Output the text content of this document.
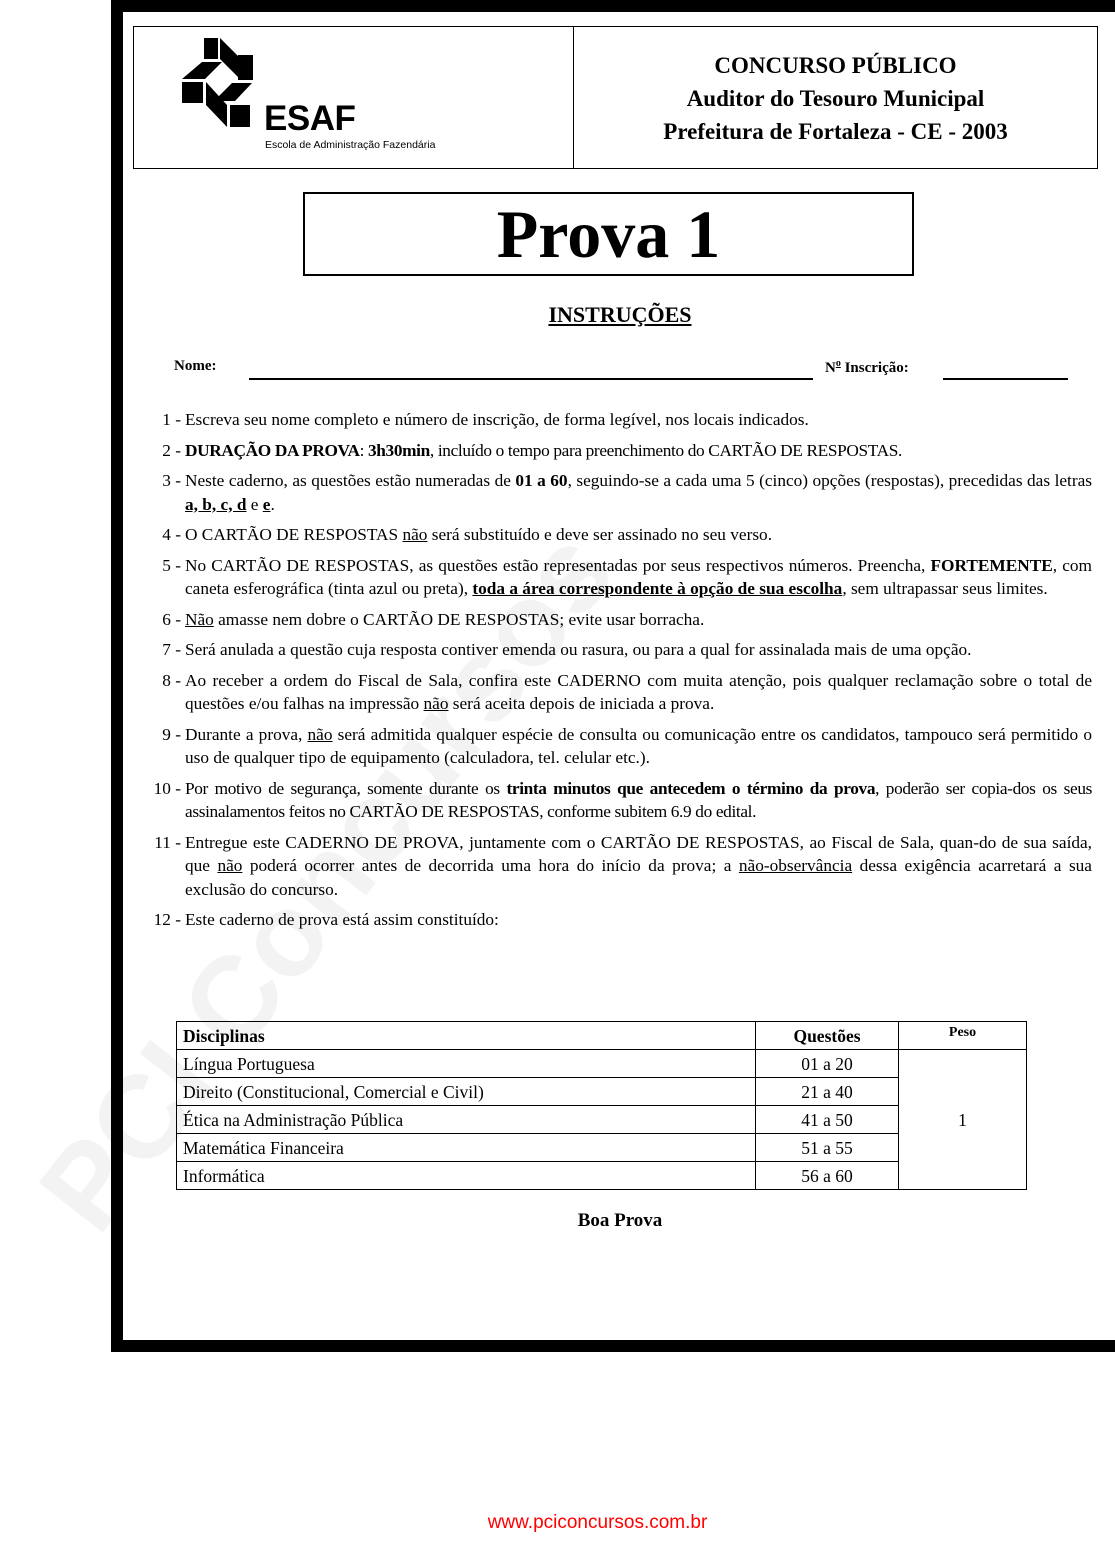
ESAF
Escola de Administração Fazendária
CONCURSO PÚBLICO
Auditor do Tesouro Municipal
Prefeitura de Fortaleza - CE - 2003
Prova 1
INSTRUÇÕES
Nome:	$N^o$ Inscrição:
1 - Escreva seu nome completo e número de inscrição, de forma legível, nos locais indicados.
2 - DURAÇÃO DA PROVA: 3h30min, incluído o tempo para preenchimento do CARTÃO DE RESPOSTAS.
3 - Neste caderno, as questões estão numeradas de 01 a 60, seguindo-se a cada uma 5 (cinco) opções (respostas), precedidas das letras a, b, c, d e e.
4 - O CARTÃO DE RESPOSTAS não será substituído e deve ser assinado no seu verso.
5 - No CARTÃO DE RESPOSTAS, as questões estão representadas por seus respectivos números. Preencha, FORTEMENTE, com caneta esferográfica (tinta azul ou preta), toda a área correspondente à opção de sua escolha, sem ultrapassar seus limites.
6 - Não amasse nem dobre o CARTÃO DE RESPOSTAS; evite usar borracha.
7 - Será anulada a questão cuja resposta contiver emenda ou rasura, ou para a qual for assinalada mais de uma opção.
8 - Ao receber a ordem do Fiscal de Sala, confira este CADERNO com muita atenção, pois qualquer reclamação sobre o total de questões e/ou falhas na impressão não será aceita depois de iniciada a prova.
9 - Durante a prova, não será admitida qualquer espécie de consulta ou comunicação entre os candidatos, tampouco será permitido o uso de qualquer tipo de equipamento (calculadora, tel. celular etc.).
10 - Por motivo de segurança, somente durante os trinta minutos que antecedem o término da prova, poderão ser copia-dos os seus assinalamentos feitos no CARTÃO DE RESPOSTAS, conforme subitem 6.9 do edital.
11 - Entregue este CADERNO DE PROVA, juntamente com o CARTÃO DE RESPOSTAS, ao Fiscal de Sala, quan-do de sua saída, que não poderá ocorrer antes de decorrida uma hora do início da prova; a não-observância dessa exigência acarretará a sua exclusão do concurso.
12 - Este caderno de prova está assim constituído:
Disciplinas	Questões	Peso
Língua Portuguesa	01 a 20	1
Direito (Constitucional, Comercial e Civil)	21 a 40	
Ética na Administração Pública	41 a 50	
Matemática Financeira	51 a 55	
Informática	56 a 60	
Boa Prova
www.pciconcursos.com.br
